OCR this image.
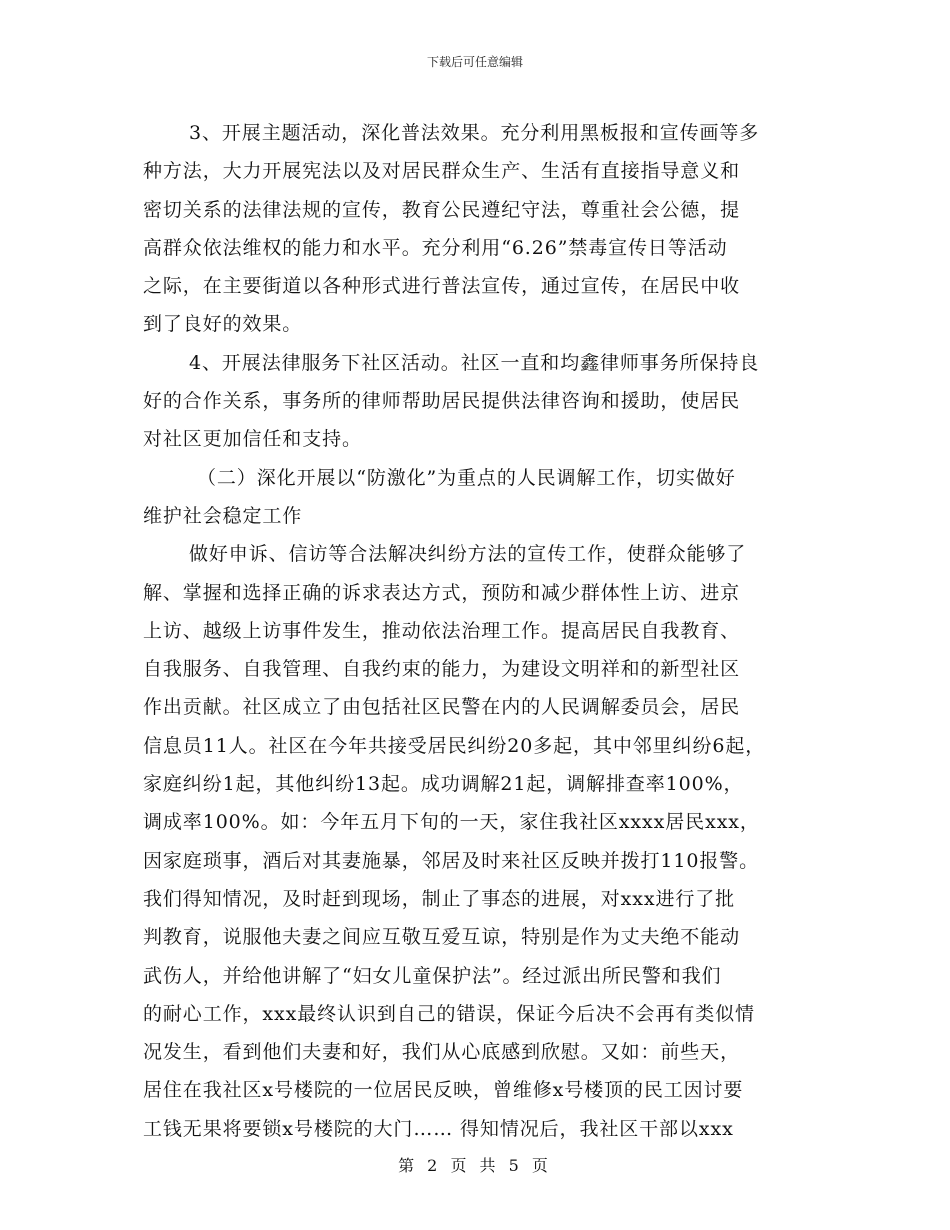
下载后可任意编辑
3、开展主题活动，深化普法效果。充分利用黑板报和宣传画等多
种方法，大力开展宪法以及对居民群众生产、生活有直接指导意义和
密切关系的法律法规的宣传，教育公民遵纪守法，尊重社会公德，提
高群众依法维权的能力和水平。充分利用“6.26”禁毒宣传日等活动
之际，在主要街道以各种形式进行普法宣传，通过宣传，在居民中收
到了良好的效果。
4、开展法律服务下社区活动。社区一直和均鑫律师事务所保持良
好的合作关系，事务所的律师帮助居民提供法律咨询和援助，使居民
对社区更加信任和支持。
（二）深化开展以“防激化”为重点的人民调解工作，切实做好
维护社会稳定工作
做好申诉、信访等合法解决纠纷方法的宣传工作，使群众能够了
解、掌握和选择正确的诉求表达方式，预防和减少群体性上访、进京
上访、越级上访事件发生，推动依法治理工作。提高居民自我教育、
自我服务、自我管理、自我约束的能力，为建设文明祥和的新型社区
作出贡献。社区成立了由包括社区民警在内的人民调解委员会，居民
信息员11人。社区在今年共接受居民纠纷20多起，其中邻里纠纷6起，
家庭纠纷1起，其他纠纷13起。成功调解21起，调解排查率100%，
调成率100%。如：今年五月下旬的一天，家住我社区xxxx居民xxx，
因家庭琐事，酒后对其妻施暴，邻居及时来社区反映并拨打110报警。
我们得知情况，及时赶到现场，制止了事态的进展，对xxx进行了批
判教育，说服他夫妻之间应互敬互爱互谅，特别是作为丈夫绝不能动
武伤人，并给他讲解了“妇女儿童保护法”。经过派出所民警和我们
的耐心工作，xxx最终认识到自己的错误，保证今后决不会再有类似情
况发生，看到他们夫妻和好，我们从心底感到欣慰。又如：前些天，
居住在我社区x号楼院的一位居民反映，曾维修x号楼顶的民工因讨要
工钱无果将要锁x号楼院的大门…… 得知情况后，我社区干部以xxx
第 2 页 共 5 页
